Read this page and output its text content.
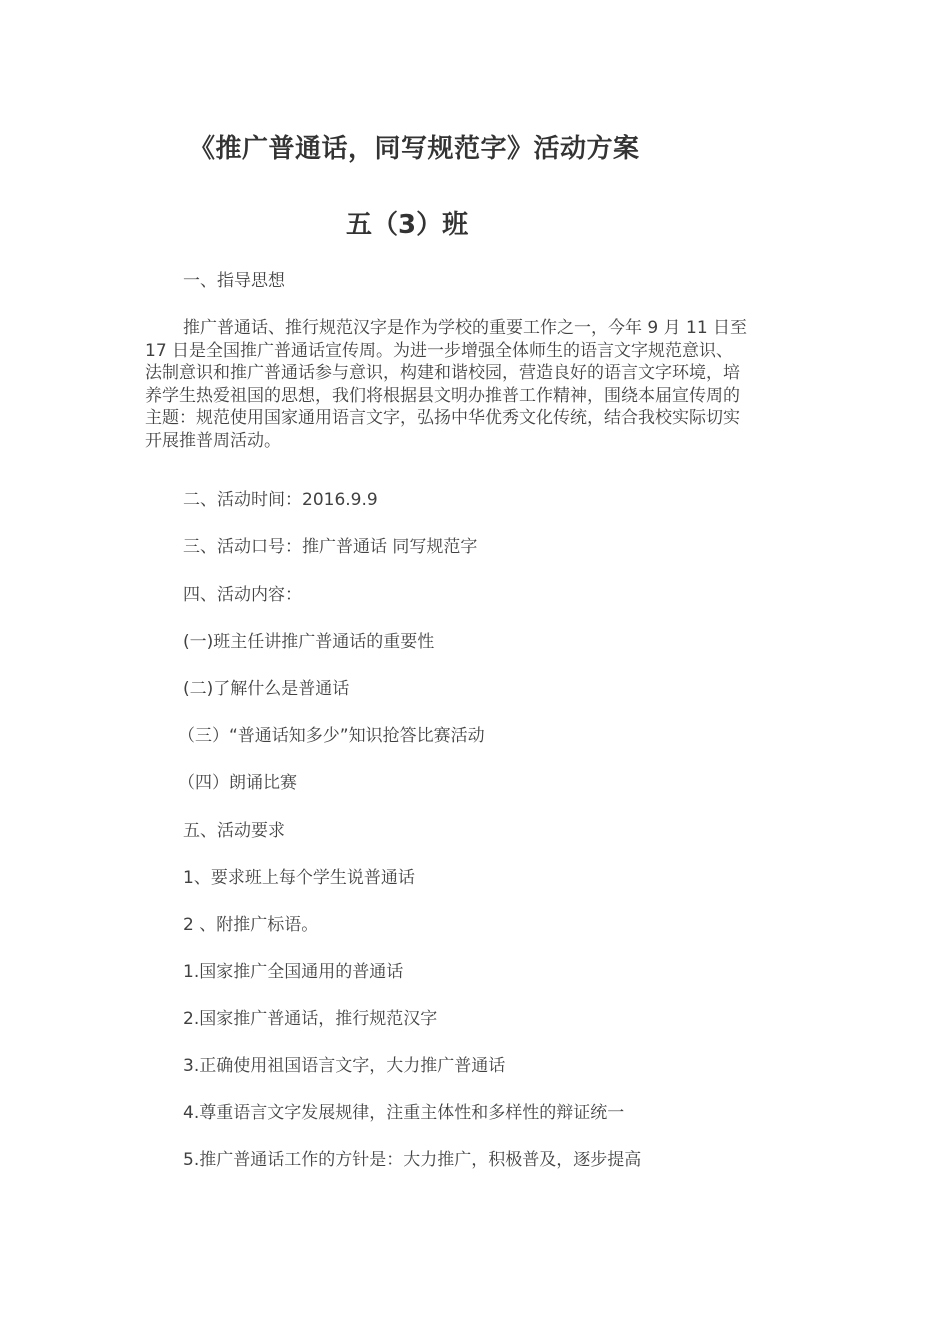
《推广普通话，同写规范字》活动方案
五（3）班
一、指导思想
推广普通话、推行规范汉字是作为学校的重要工作之一，今年 9 月 11 日至
17 日是全国推广普通话宣传周。为进一步增强全体师生的语言文字规范意识、
法制意识和推广普通话参与意识，构建和谐校园，营造良好的语言文字环境，培
养学生热爱祖国的思想，我们将根据县文明办推普工作精神，围绕本届宣传周的
主题：规范使用国家通用语言文字，弘扬中华优秀文化传统，结合我校实际切实
开展推普周活动。
二、活动时间：2016.9.9
三、活动口号：推广普通话 同写规范字
四、活动内容：
(一)班主任讲推广普通话的重要性
(二)了解什么是普通话
（三）“普通话知多少”知识抢答比赛活动
（四）朗诵比赛
五、活动要求
1、要求班上每个学生说普通话
2 、附推广标语。
1.国家推广全国通用的普通话
2.国家推广普通话，推行规范汉字
3.正确使用祖国语言文字，大力推广普通话
4.尊重语言文字发展规律，注重主体性和多样性的辩证统一
5.推广普通话工作的方针是：大力推广，积极普及，逐步提高
